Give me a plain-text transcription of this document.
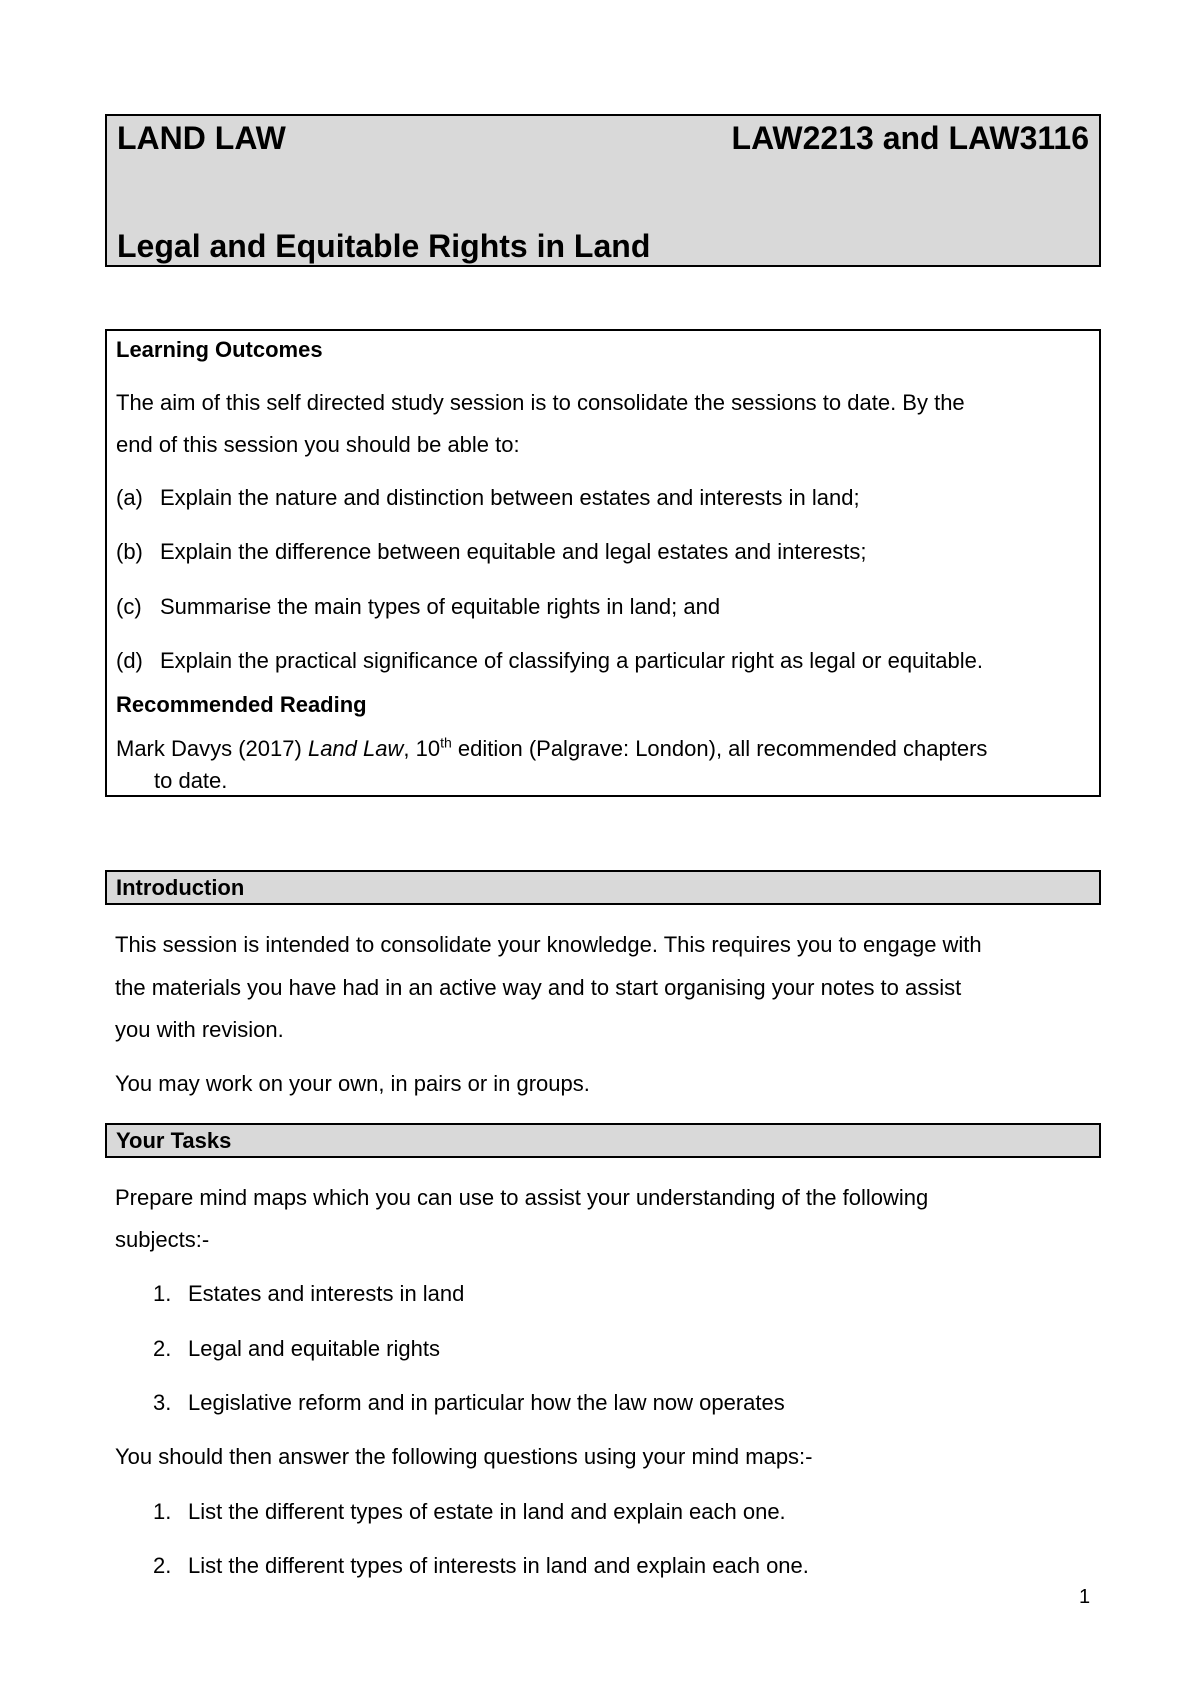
LAND LAW	LAW2213 and LAW3116
Legal and Equitable Rights in Land
Learning Outcomes
The aim of this self directed study session is to consolidate the sessions to date. By the
end of this session you should be able to:
(a) Explain the nature and distinction between estates and interests in land;
(b) Explain the difference between equitable and legal estates and interests;
(c) Summarise the main types of equitable rights in land; and
(d) Explain the practical significance of classifying a particular right as legal or equitable.
Recommended Reading
Mark Davys (2017) Land Law, 10th edition (Palgrave: London), all recommended chapters
to date.
Introduction
This session is intended to consolidate your knowledge. This requires you to engage with
the materials you have had in an active way and to start organising your notes to assist
you with revision.
You may work on your own, in pairs or in groups.
Your Tasks
Prepare mind maps which you can use to assist your understanding of the following
subjects:-
1. Estates and interests in land
2. Legal and equitable rights
3. Legislative reform and in particular how the law now operates
You should then answer the following questions using your mind maps:-
1. List the different types of estate in land and explain each one.
2. List the different types of interests in land and explain each one.
1
